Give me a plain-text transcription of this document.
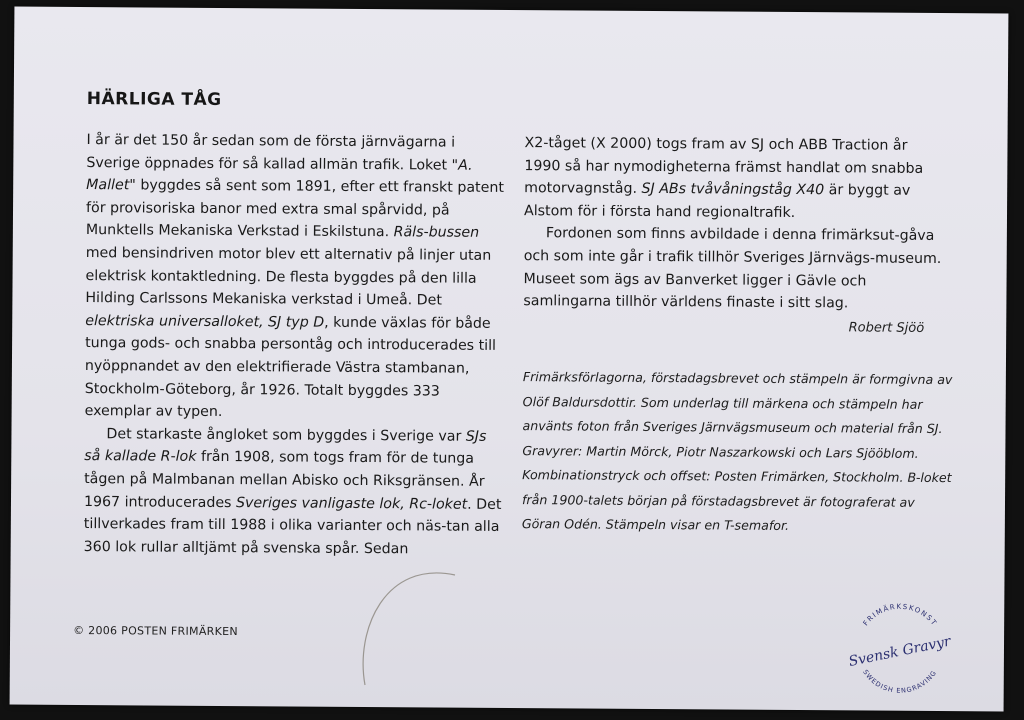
HÄRLIGA TÅG

I år är det 150 år sedan som de första järnvägarna i Sverige öppnades för så kallad allmän trafik. Loket "A. Mallet" byggdes så sent som 1891, efter ett franskt patent för provisoriska banor med extra smal spårvidd, på Munktells Mekaniska Verkstad i Eskilstuna. Räls-bussen med bensindriven motor blev ett alternativ på linjer utan elektrisk kontaktledning. De flesta byggdes på den lilla Hilding Carlssons Mekaniska verkstad i Umeå. Det elektriska universalloket, SJ typ D, kunde växlas för både tunga gods- och snabba persontåg och introducerades till nyöppnandet av den elektrifierade Västra stambanan, Stockholm-Göteborg, år 1926. Totalt byggdes 333 exemplar av typen.

Det starkaste ångloket som byggdes i Sverige var SJs så kallade R-lok från 1908, som togs fram för de tunga tågen på Malmbanan mellan Abisko och Riksgränsen. År 1967 introducerades Sveriges vanligaste lok, Rc-loket. Det tillverkades fram till 1988 i olika varianter och näs-tan alla 360 lok rullar alltjämt på svenska spår. Sedan

X2-tåget (X 2000) togs fram av SJ och ABB Traction år 1990 så har nymodigheterna främst handlat om snabba motorvagnståg. SJ ABs tvåvåningståg X40 är byggt av Alstom för i första hand regionaltrafik.

Fordonen som finns avbildade i denna frimärksut-gåva och som inte går i trafik tillhör Sveriges Järnvägs-museum. Museet som ägs av Banverket ligger i Gävle och samlingarna tillhör världens finaste i sitt slag.

Robert Sjöö
Frimärksförlagorna, förstadagsbrevet och stämpeln är formgivna av Olöf Baldursdottir. Som underlag till märkena och stämpeln har använts foton från Sveriges Järnvägsmuseum och material från SJ. Gravyrer: Martin Mörck, Piotr Naszarkowski och Lars Sjööblom. Kombinationstryck och offset: Posten Frimärken, Stockholm. B-loket från 1900-talets början på förstadagsbrevet är fotograferat av Göran Odén. Stämpeln visar en T-semafor.
© 2006 POSTEN FRIMÄRKEN
FRIMÄRKSKONST
Svensk Gravyr
SWEDISH ENGRAVING
